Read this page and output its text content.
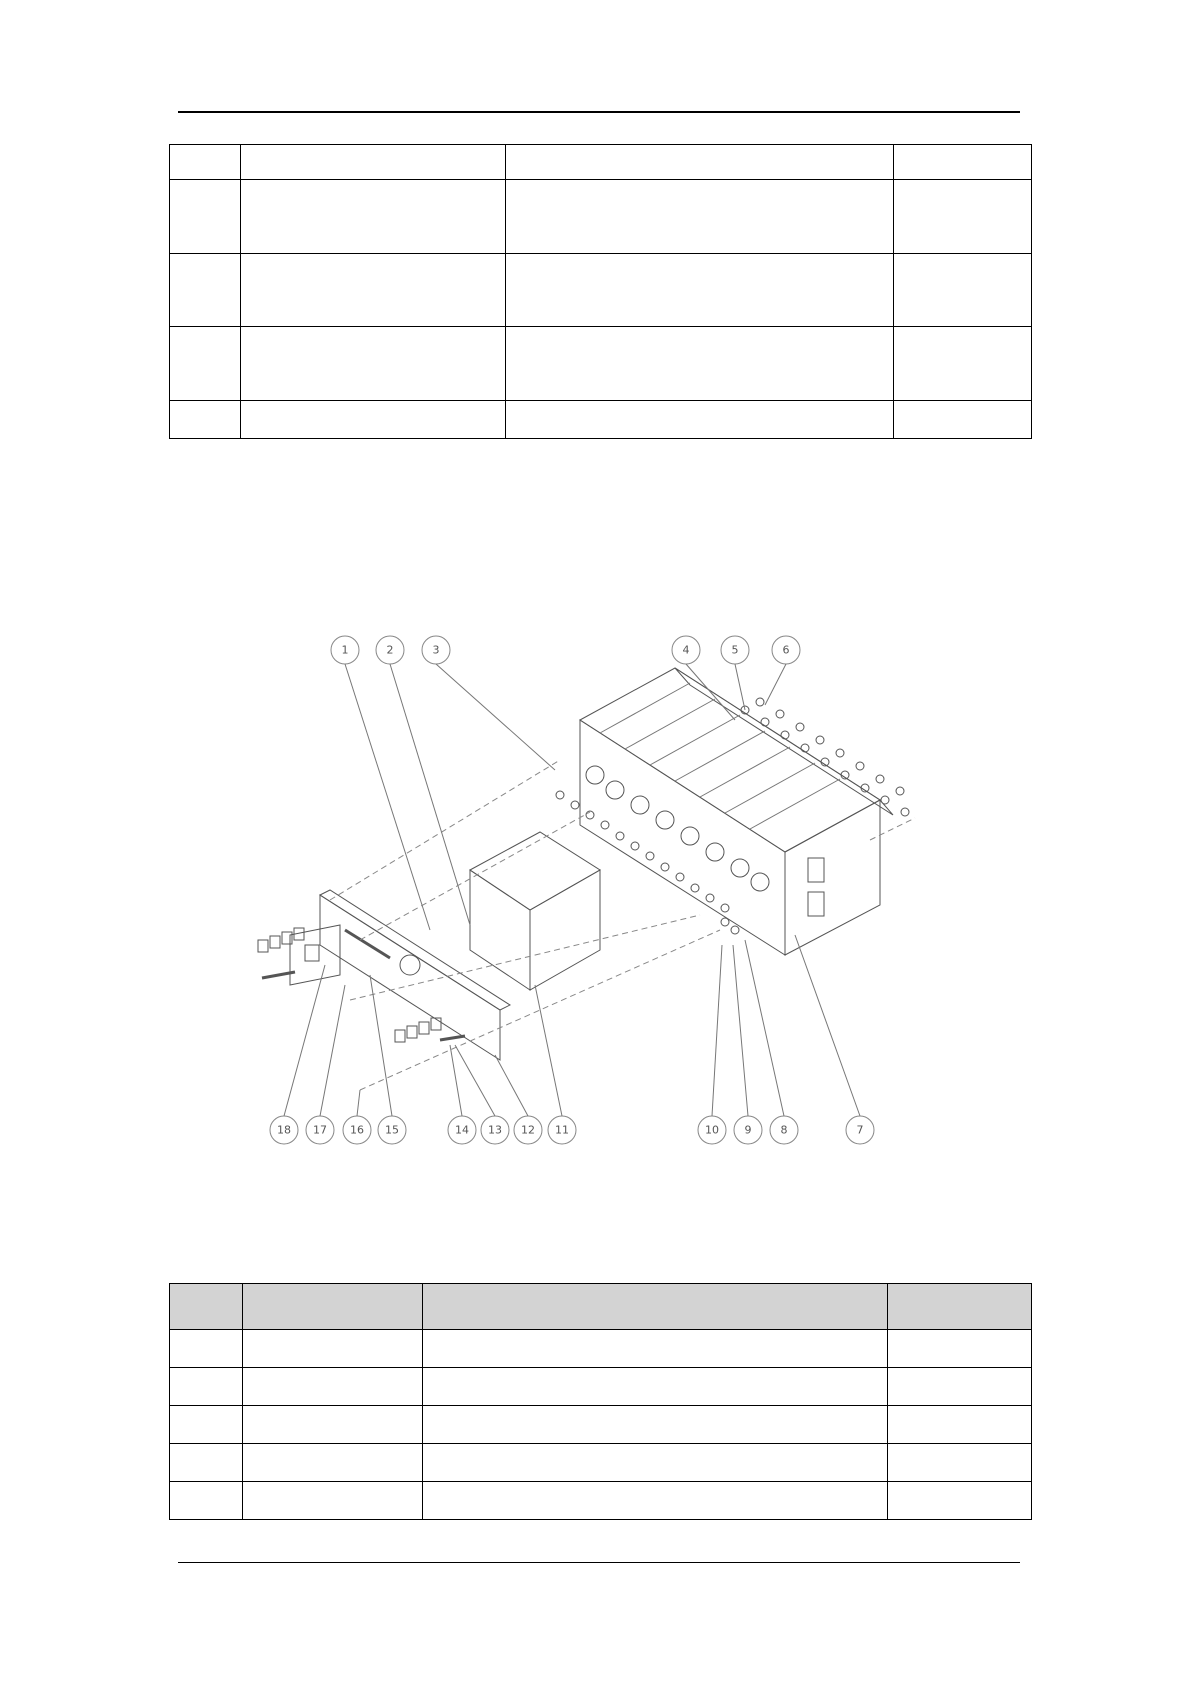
1	2	3	4	5	6
7
8
9
10
11
12
13
14
15
16
17
18
